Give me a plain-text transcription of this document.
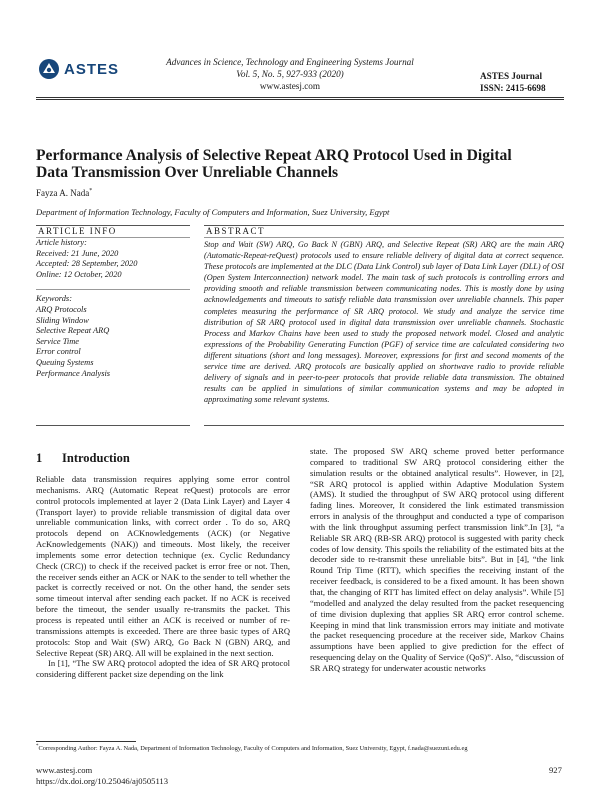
ASTES	Advances in Science, Technology and Engineering Systems Journal
Vol. 5, No. 5, 927-933 (2020)
www.astesj.com
ASTES Journal
ISSN: 2415-6698
Performance Analysis of Selective Repeat ARQ Protocol Used in Digital
Data Transmission Over Unreliable Channels
Fayza A. Nada*
Department of Information Technology, Faculty of Computers and Information, Suez University, Egypt
ARTICLE INFO	ABSTRACT
Article history:
Received: 21 June, 2020
Accepted: 28 September, 2020
Online: 12 October, 2020
Keywords:
ARQ Protocols
Sliding Window
Selective Repeat ARQ
Service Time
Error control
Queuing Systems
Performance Analysis
Stop and Wait (SW) ARQ, Go Back N (GBN) ARQ, and Selective Repeat (SR) ARQ are the main ARQ (Automatic-Repeat-reQuest) protocols used to ensure reliable delivery of digital data at correct sequence. These protocols are implemented at the DLC (Data Link Control) sub layer of Data Link Layer (DLL) of OSI (Open System Interconnection) network model. The main task of such protocols is controlling errors and providing smooth and reliable transmission between communicating nodes. This is mostly done by using acknowledgements and timeouts to satisfy reliable data transmission over unreliable channels. This paper completes measuring the performance of SR ARQ protocol. We study and analyze the service time distribution of SR ARQ protocol used in digital data transmission over unreliable channels. Stochastic Process and Markov Chains have been used to study the proposed network model. Closed and analytic expressions of the Probability Generating Function (PGF) of service time are calculated considering two different situations (short and long messages). Moreover, expressions for first and second moments of the service time are derived. ARQ protocols are basically applied on shortwave radio to provide reliable delivery of signals and in peer-to-peer protocols that provide reliable data transmission. The obtained results can be applied in simulations of similar communication systems and may be adopted in approximating some relevant systems.
1 Introduction

Reliable data transmission requires applying some error control mechanisms. ARQ (Automatic Repeat reQuest) protocols are error control protocols implemented at layer 2 (Data Link Layer) and Layer 4 (Transport layer) to provide reliable transmission of digital data over unreliable communication links, with correct order . To do so, ARQ protocols depend on ACKnowledgements (ACK) (or Negative AcKnowledgements (NAK)) and timeouts. Most likely, the receiver implements some error detection technique (ex. Cyclic Redundancy Check (CRC)) to check if the received packet is error free or not. Then, the receiver sends either an ACK or NAK to the sender to tell whether the packet is correctly received or not. On the other hand, the sender sets some timeout interval after sending each packet. If no ACK is received before the timeout, the sender usually re-transmits the packet. This process is repeated until either an ACK is received or number of re-transmissions attempts is exceeded. There are three basic types of ARQ protocols: Stop and Wait (SW) ARQ, Go Back N (GBN) ARQ, and Selective Repeat (SR) ARQ. All will be explained in the next section.

In [1], “The SW ARQ protocol adopted the idea of SR ARQ protocol considering different packet size depending on the link

state. The proposed SW ARQ scheme proved better performance compared to traditional SW ARQ protocol considering either the simulation results or the obtained analytical results”. However, in [2], “SR ARQ protocol is applied within Adaptive Modulation System (AMS). It studied the throughput of SW ARQ protocol using different fading lines. Moreover, It considered the link estimated transmission errors in analysis of the throughput and conducted a type of comparison with the link throughput assuming perfect transmission link”.In [3], “a Reliable SR ARQ (RB-SR ARQ) protocol is suggested with parity check codes of low density. This spoils the reliability of the estimated bits at the decoder side to re-transmit these unreliable bits”. But in [4], “the link Round Trip Time (RTT), which specifies the receiving instant of the receiver feedback, is considered to be a fixed amount. It has been shown that, the changing of RTT has limited effect on delay analysis”. While [5] “modelled and analyzed the delay resulted from the packet resequencing of time division duplexing that applies SR ARQ error control scheme. Keeping in mind that link transmission errors may initiate and motivate the packet resequencing procedure at the receiver side, Markov Chains assumptions have been applied to give prediction for the effect of resequencing delay on the Quality of Service (QoS)”. Also, “discussion of SR ARQ strategy for underwater acoustic networks

*Corresponding Author: Fayza A. Nada, Department of Information Technology, Faculty of Computers and Information, Suez University, Egypt, f.nada@suezuni.edu.eg
www.astesj.com
https://dx.doi.org/10.25046/aj0505113
927
